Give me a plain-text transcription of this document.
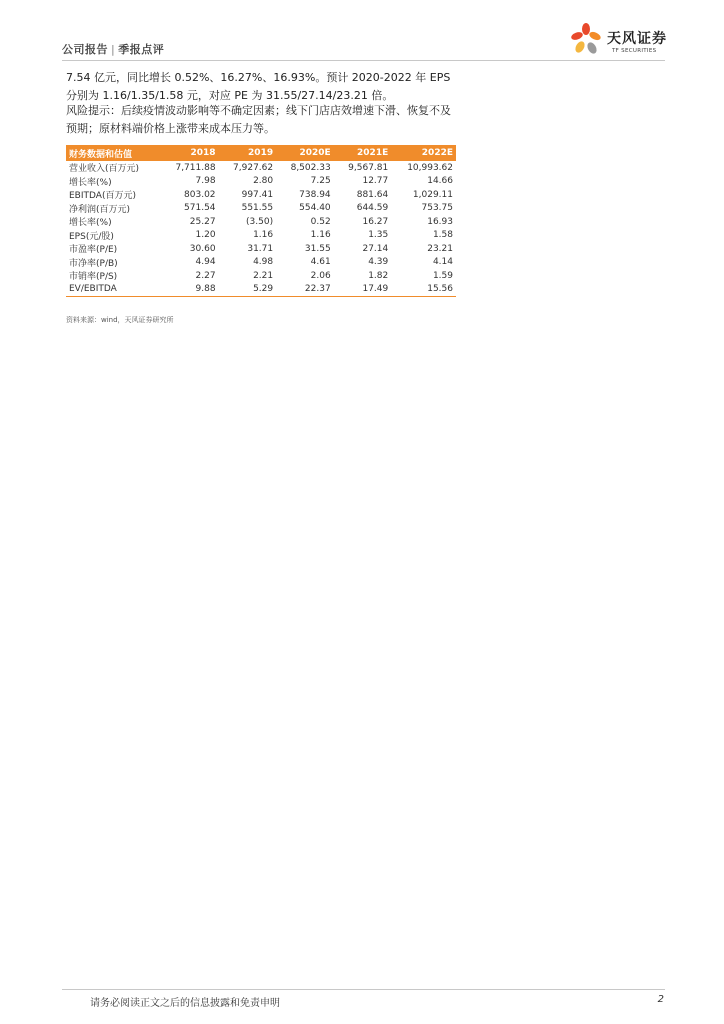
公司报告 | 季报点评
天风证券
TF SECURITIES
7.54 亿元，同比增长 0.52%、16.27%、16.93%。预计 2020-2022 年 EPS 分别为 1.16/1.35/1.58 元，对应 PE 为 31.55/27.14/23.21 倍。
风险提示：后续疫情波动影响等不确定因素；线下门店店效增速下滑、恢复不及预期；原材料端价格上涨带来成本压力等。
财务数据和估值	2018	2019	2020E	2021E	2022E
营业收入(百万元)	7,711.88	7,927.62	8,502.33	9,567.81	10,993.62
增长率(%)	7.98	2.80	7.25	12.77	14.66
EBITDA(百万元)	803.02	997.41	738.94	881.64	1,029.11
净利润(百万元)	571.54	551.55	554.40	644.59	753.75
增长率(%)	25.27	(3.50)	0.52	16.27	16.93
EPS(元/股)	1.20	1.16	1.16	1.35	1.58
市盈率(P/E)	30.60	31.71	31.55	27.14	23.21
市净率(P/B)	4.94	4.98	4.61	4.39	4.14
市销率(P/S)	2.27	2.21	2.06	1.82	1.59
EV/EBITDA	9.88	5.29	22.37	17.49	15.56
资料来源：wind，天风证券研究所
请务必阅读正文之后的信息披露和免责申明	2
